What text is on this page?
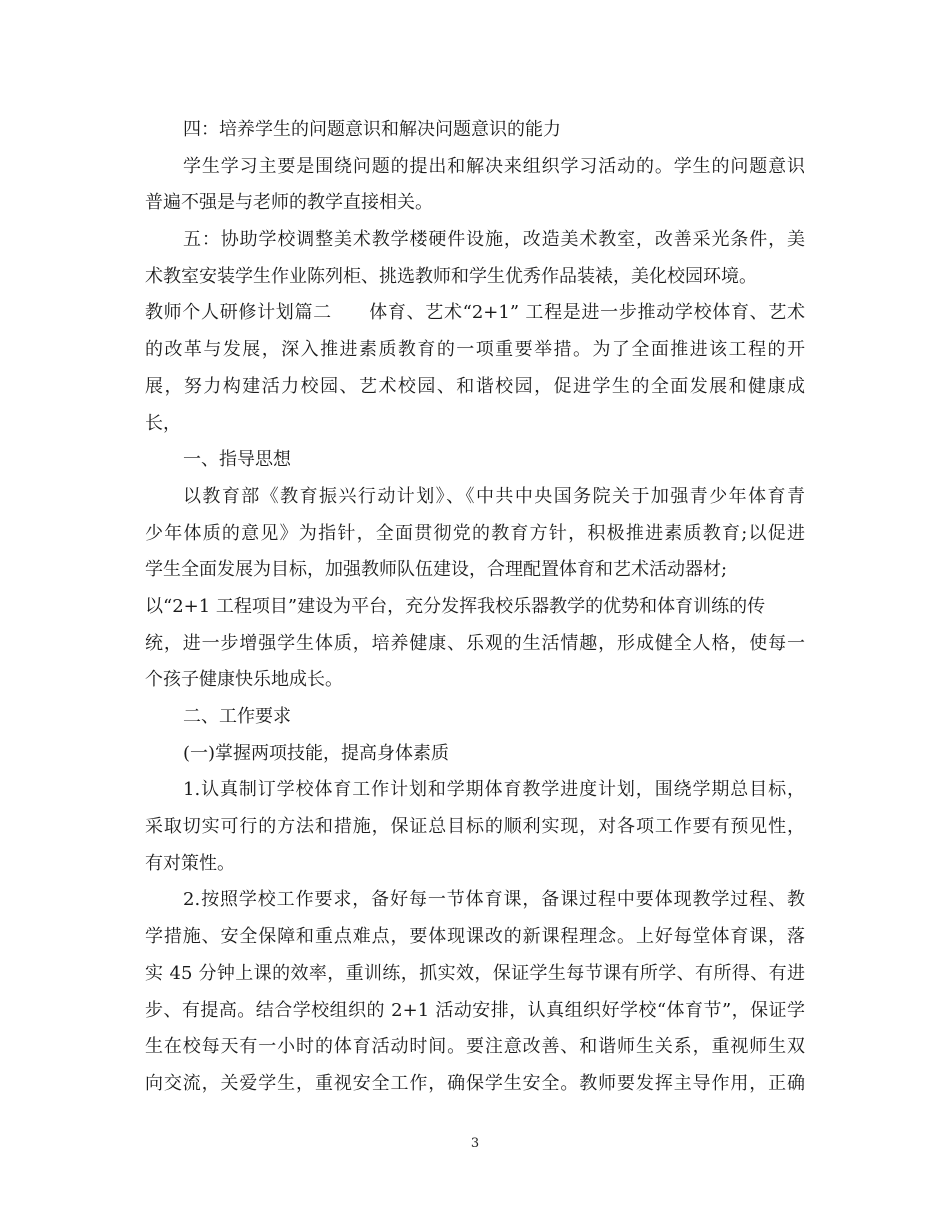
四：培养学生的问题意识和解决问题意识的能力
学生学习主要是围绕问题的提出和解决来组织学习活动的。学生的问题意识
普遍不强是与老师的教学直接相关。
五：协助学校调整美术教学楼硬件设施，改造美术教室，改善采光条件，美
术教室安装学生作业陈列柜、挑选教师和学生优秀作品装裱，美化校园环境。
教师个人研修计划篇二　　体育、艺术“2+1” 工程是进一步推动学校体育、艺术
的改革与发展，深入推进素质教育的一项重要举措。为了全面推进该工程的开
展，努力构建活力校园、艺术校园、和谐校园，促进学生的全面发展和健康成
长，
一、指导思想
以教育部《教育振兴行动计划》、《中共中央国务院关于加强青少年体育青
少年体质的意见》为指针，全面贯彻党的教育方针，积极推进素质教育;以促进
学生全面发展为目标，加强教师队伍建设，合理配置体育和艺术活动器材;
以“2+1 工程项目”建设为平台，充分发挥我校乐器教学的优势和体育训练的传
统，进一步增强学生体质，培养健康、乐观的生活情趣，形成健全人格，使每一
个孩子健康快乐地成长。
二、工作要求
(一)掌握两项技能，提高身体素质
1.认真制订学校体育工作计划和学期体育教学进度计划，围绕学期总目标，
采取切实可行的方法和措施，保证总目标的顺利实现，对各项工作要有预见性，
有对策性。
2.按照学校工作要求，备好每一节体育课，备课过程中要体现教学过程、教
学措施、安全保障和重点难点，要体现课改的新课程理念。上好每堂体育课，落
实 45 分钟上课的效率，重训练，抓实效，保证学生每节课有所学、有所得、有进
步、有提高。结合学校组织的 2+1 活动安排，认真组织好学校“体育节”，保证学
生在校每天有一小时的体育活动时间。要注意改善、和谐师生关系，重视师生双
向交流，关爱学生，重视安全工作，确保学生安全。教师要发挥主导作用，正确
3
